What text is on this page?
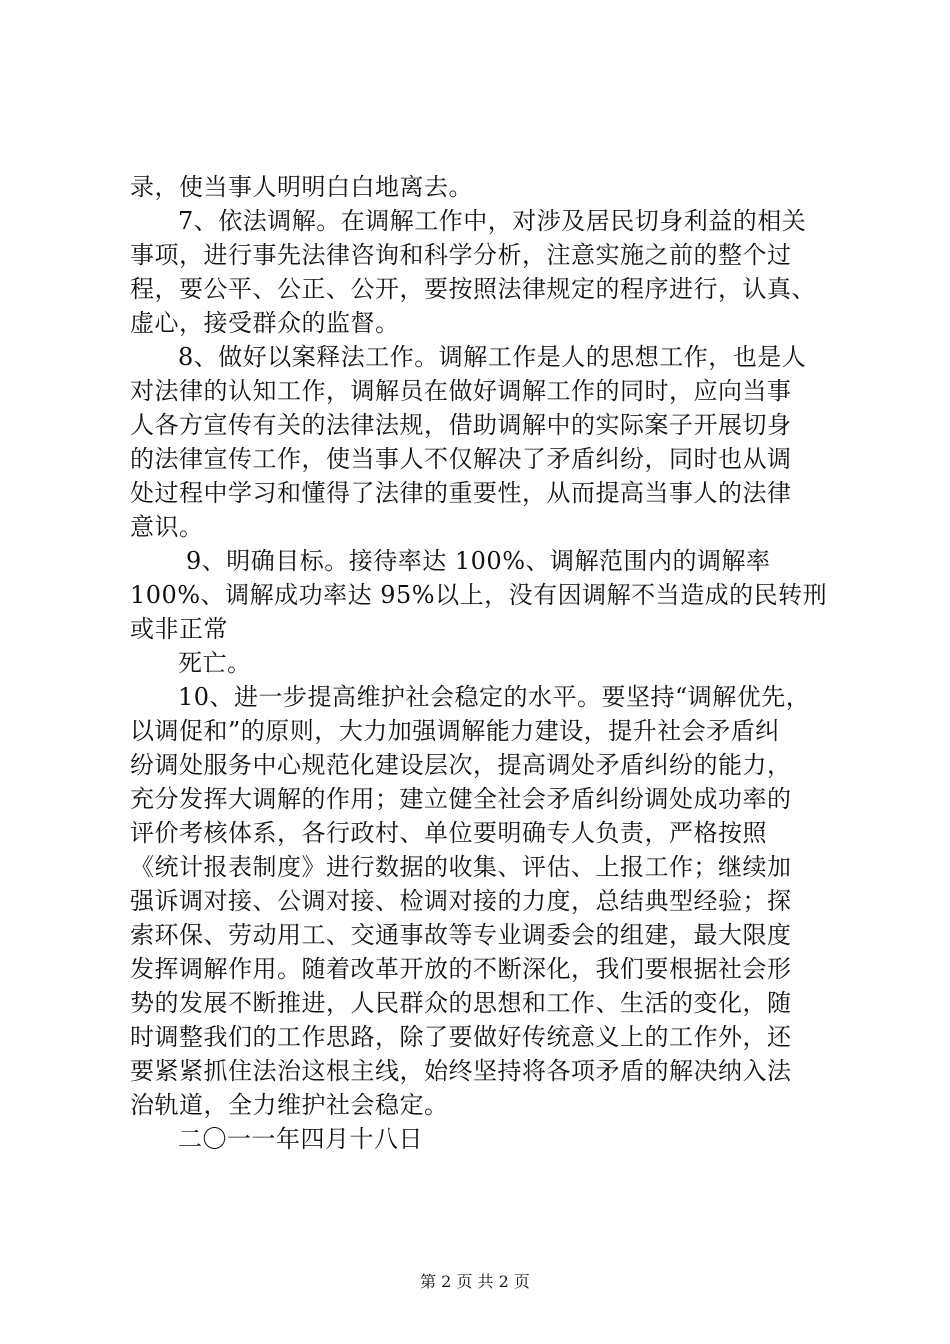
录，使当事人明明白白地离去。
7、依法调解。在调解工作中，对涉及居民切身利益的相关
事项，进行事先法律咨询和科学分析，注意实施之前的整个过
程，要公平、公正、公开，要按照法律规定的程序进行，认真、
虚心，接受群众的监督。
8、做好以案释法工作。调解工作是人的思想工作，也是人
对法律的认知工作，调解员在做好调解工作的同时，应向当事
人各方宣传有关的法律法规，借助调解中的实际案子开展切身
的法律宣传工作，使当事人不仅解决了矛盾纠纷，同时也从调
处过程中学习和懂得了法律的重要性，从而提高当事人的法律
意识。
9、明确目标。接待率达 100%、调解范围内的调解率
100%、调解成功率达 95%以上，没有因调解不当造成的民转刑
或非正常
死亡。
10、进一步提高维护社会稳定的水平。要坚持“调解优先，
以调促和”的原则，大力加强调解能力建设，提升社会矛盾纠
纷调处服务中心规范化建设层次，提高调处矛盾纠纷的能力，
充分发挥大调解的作用；建立健全社会矛盾纠纷调处成功率的
评价考核体系，各行政村、单位要明确专人负责，严格按照
《统计报表制度》进行数据的收集、评估、上报工作；继续加
强诉调对接、公调对接、检调对接的力度，总结典型经验；探
索环保、劳动用工、交通事故等专业调委会的组建，最大限度
发挥调解作用。随着改革开放的不断深化，我们要根据社会形
势的发展不断推进，人民群众的思想和工作、生活的变化，随
时调整我们的工作思路，除了要做好传统意义上的工作外，还
要紧紧抓住法治这根主线，始终坚持将各项矛盾的解决纳入法
治轨道，全力维护社会稳定。
二〇一一年四月十八日
第 2 页 共 2 页
